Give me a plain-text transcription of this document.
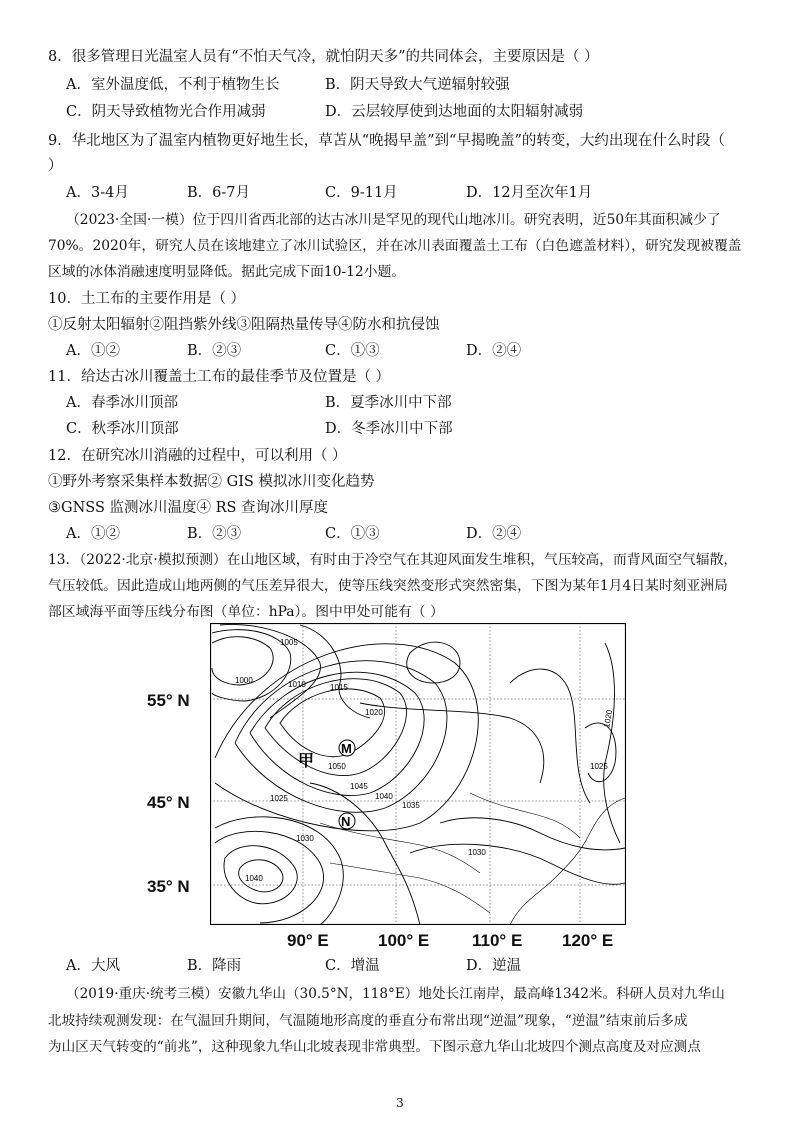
8．很多管理日光温室人员有“不怕天气冷，就怕阴天多”的共同体会，主要原因是（ ）
A．室外温度低，不利于植物生长	B．阴天导致大气逆辐射较强
C．阴天导致植物光合作用减弱	D．云层较厚使到达地面的太阳辐射减弱
9．华北地区为了温室内植物更好地生长，草苫从“晚揭早盖”到“早揭晚盖”的转变，大约出现在什么时段（
）
A．3-4月	B．6-7月	C．9-11月	D．12月至次年1月
（2023·全国·一模）位于四川省西北部的达古冰川是罕见的现代山地冰川。研究表明，近50年其面积减少了
70%。2020年，研究人员在该地建立了冰川试验区，并在冰川表面覆盖土工布（白色遮盖材料），研究发现被覆盖
区域的冰体消融速度明显降低。据此完成下面10-12小题。
10．土工布的主要作用是（ ）
①反射太阳辐射②阻挡紫外线③阻隔热量传导④防水和抗侵蚀
A．①②	B．②③	C．①③	D．②④
11．给达古冰川覆盖土工布的最佳季节及位置是（ ）
A．春季冰川顶部	B．夏季冰川中下部
C．秋季冰川顶部	D．冬季冰川中下部
12．在研究冰川消融的过程中，可以利用（ ）
①野外考察采集样本数据② GIS 模拟冰川变化趋势
③GNSS 监测冰川温度④ RS 查询冰川厚度
A．①②	B．②③	C．①③	D．②④
13．（2022·北京·模拟预测）在山地区域，有时由于冷空气在其迎风面发生堆积，气压较高，而背风面空气辐散，
气压较低。因此造成山地两侧的气压差异很大，使等压线突然变形式突然密集，下图为某年1月4日某时刻亚洲局
部区域海平面等压线分布图（单位：hPa）。图中甲处可能有（ ）
55° N
45° N
35° N
90° E	100° E	110° E 120° E
1005
1000	1010	1015
1020
1050
1045
1040
1035
1025
1030
1040
1030
1020
1025
甲
M
N
A．大风	B．降雨	C．增温	D．逆温
（2019·重庆·统考三模）安徽九华山（30.5°N，118°E）地处长江南岸，最高峰1342米。科研人员对九华山
北坡持续观测发现：在气温回升期间，气温随地形高度的垂直分布常出现“逆温”现象，“逆温”结束前后多成
为山区天气转变的“前兆”，这种现象九华山北坡表现非常典型。下图示意九华山北坡四个测点高度及对应测点
3
